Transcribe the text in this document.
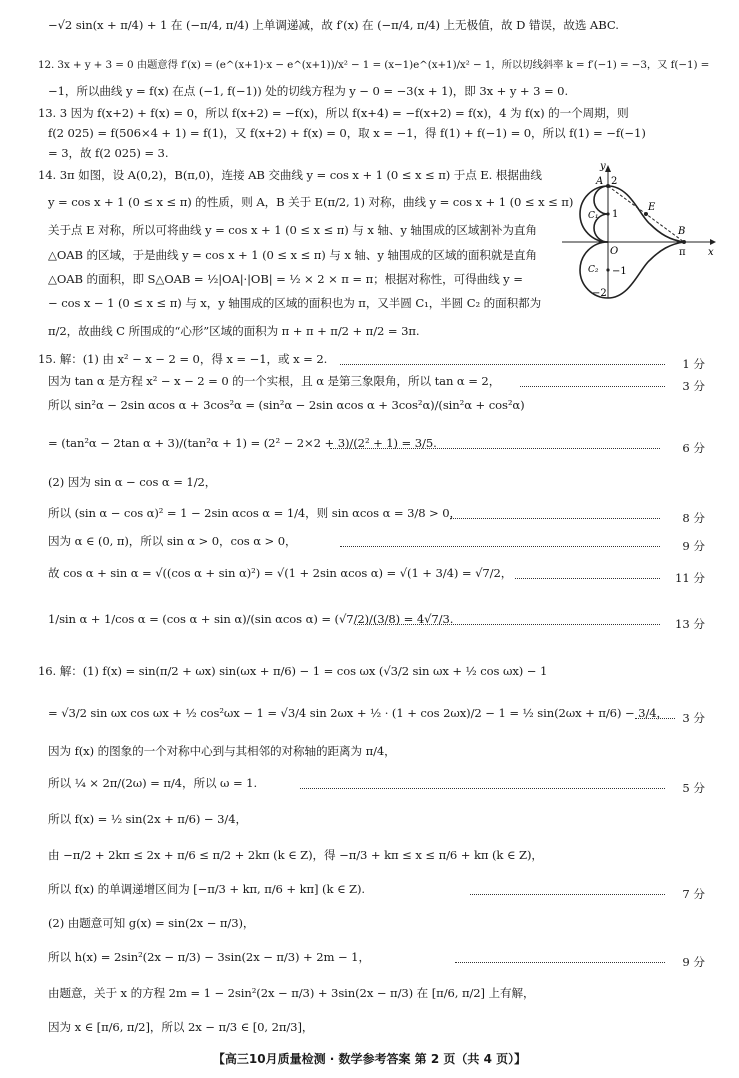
−√2 sin(x + π/4) + 1 在 (−π/4, π/4) 上单调递减，故 f′(x) 在 (−π/4, π/4) 上无极值，故 D 错误，故选 ABC.
12. 3x + y + 3 = 0 由题意得 f′(x) = (e^(x+1)·x − e^(x+1))/x² − 1 = (x−1)e^(x+1)/x² − 1，所以切线斜率 k = f′(−1) = −3，又 f(−1) =
−1，所以曲线 y = f(x) 在点 (−1, f(−1)) 处的切线方程为 y − 0 = −3(x + 1)，即 3x + y + 3 = 0.
13. 3 因为 f(x+2) + f(x) = 0，所以 f(x+2) = −f(x)，所以 f(x+4) = −f(x+2) = f(x)，4 为 f(x) 的一个周期，则
f(2 025) = f(506×4 + 1) = f(1)，又 f(x+2) + f(x) = 0，取 x = −1，得 f(1) + f(−1) = 0，所以 f(1) = −f(−1)
= 3，故 f(2 025) = 3.
14. 3π 如图，设 A(0,2)，B(π,0)，连接 AB 交曲线 y = cos x + 1 (0 ≤ x ≤ π) 于点 E. 根据曲线
y = cos x + 1 (0 ≤ x ≤ π) 的性质，则 A，B 关于 E(π/2, 1) 对称，曲线 y = cos x + 1 (0 ≤ x ≤ π)
关于点 E 对称，所以可将曲线 y = cos x + 1 (0 ≤ x ≤ π) 与 x 轴、y 轴围成的区域割补为直角
△OAB 的区域，于是曲线 y = cos x + 1 (0 ≤ x ≤ π) 与 x 轴、y 轴围成的区域的面积就是直角
△OAB 的面积，即 S△OAB = ½|OA|·|OB| = ½ × 2 × π = π；根据对称性，可得曲线 y =
− cos x − 1 (0 ≤ x ≤ π) 与 x，y 轴围成的区域的面积也为 π，又半圆 C₁，半圆 C₂ 的面积都为
π/2，故曲线 C 所围成的“心形”区域的面积为 π + π + π/2 + π/2 = 3π.
15. 解：(1) 由 x² − x − 2 = 0，得 x = −1，或 x = 2.
因为 tan α 是方程 x² − x − 2 = 0 的一个实根，且 α 是第三象限角，所以 tan α = 2，
所以 sin²α − 2sin αcos α + 3cos²α = (sin²α − 2sin αcos α + 3cos²α)/(sin²α + cos²α)
= (tan²α − 2tan α + 3)/(tan²α + 1) = (2² − 2×2 + 3)/(2² + 1) = 3/5.
(2) 因为 sin α − cos α = 1/2，
所以 (sin α − cos α)² = 1 − 2sin αcos α = 1/4，则 sin αcos α = 3/8 > 0，
因为 α ∈ (0, π)，所以 sin α > 0，cos α > 0，
故 cos α + sin α = √((cos α + sin α)²) = √(1 + 2sin αcos α) = √(1 + 3/4) = √7/2，
1/sin α + 1/cos α = (cos α + sin α)/(sin αcos α) = (√7/2)/(3/8) = 4√7/3.
16. 解：(1) f(x) = sin(π/2 + ωx) sin(ωx + π/6) − 1 = cos ωx (√3/2 sin ωx + ½ cos ωx) − 1
= √3/2 sin ωx cos ωx + ½ cos²ωx − 1 = √3/4 sin 2ωx + ½ · (1 + cos 2ωx)/2 − 1 = ½ sin(2ωx + π/6) − 3/4，
因为 f(x) 的图象的一个对称中心到与其相邻的对称轴的距离为 π/4，
所以 ¼ × 2π/(2ω) = π/4，所以 ω = 1.
所以 f(x) = ½ sin(2x + π/6) − 3/4，
由 −π/2 + 2kπ ≤ 2x + π/6 ≤ π/2 + 2kπ (k ∈ Z)，得 −π/3 + kπ ≤ x ≤ π/6 + kπ (k ∈ Z)，
所以 f(x) 的单调递增区间为 [−π/3 + kπ, π/6 + kπ] (k ∈ Z).
(2) 由题意可知 g(x) = sin(2x − π/3)，
所以 h(x) = 2sin²(2x − π/3) − 3sin(2x − π/3) + 2m − 1，
由题意，关于 x 的方程 2m = 1 − 2sin²(2x − π/3) + 3sin(2x − π/3) 在 [π/6, π/2] 上有解，
因为 x ∈ [π/6, π/2]，所以 2x − π/3 ∈ [0, 2π/3]，
1 分
3 分
6 分
8 分
9 分
11 分
13 分
3 分
5 分
7 分
9 分
y
x
A 2
B
E
O
C₁ 1
C₂ −1
−2
π
【高三10月质量检测 · 数学参考答案 第 2 页（共 4 页）】
